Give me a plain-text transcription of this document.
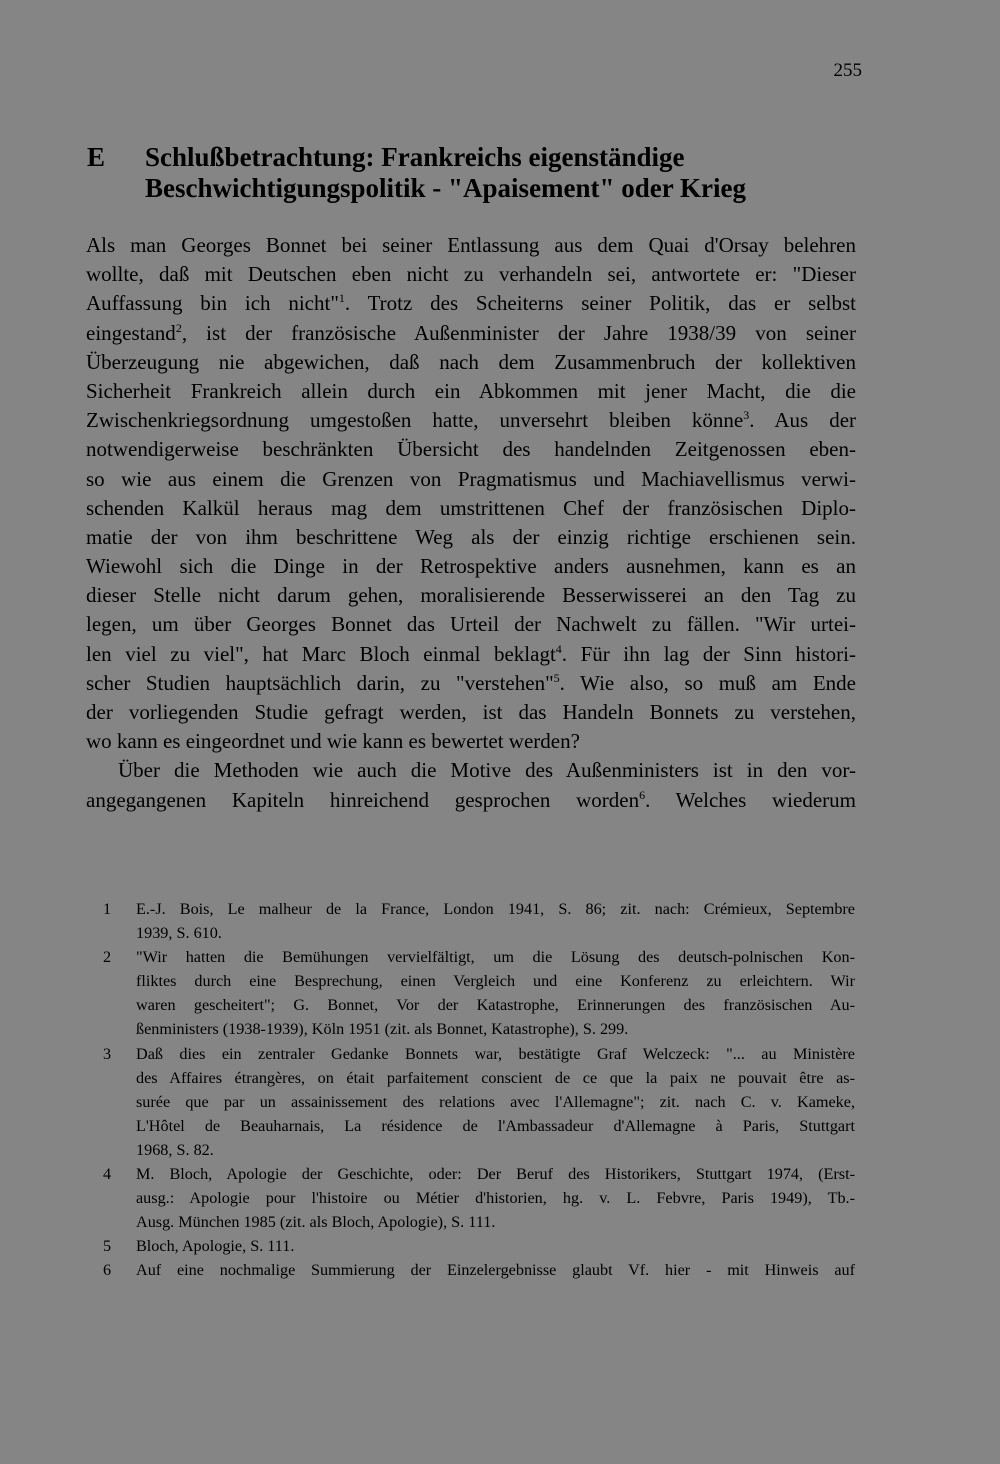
255
E	Schlußbetrachtung: Frankreichs eigenständige
Beschwichtigungspolitik - "Apaisement" oder Krieg
Als man Georges Bonnet bei seiner Entlassung aus dem Quai d'Orsay belehren
wollte, daß mit Deutschen eben nicht zu verhandeln sei, antwortete er: "Dieser
Auffassung bin ich nicht"$^1$. Trotz des Scheiterns seiner Politik, das er selbst
eingestand$^2$, ist der französische Außenminister der Jahre 1938/39 von seiner
Überzeugung nie abgewichen, daß nach dem Zusammenbruch der kollektiven
Sicherheit Frankreich allein durch ein Abkommen mit jener Macht, die die
Zwischenkriegsordnung umgestoßen hatte, unversehrt bleiben könne$^3$. Aus der
notwendigerweise beschränkten Übersicht des handelnden Zeitgenossen eben-
so wie aus einem die Grenzen von Pragmatismus und Machiavellismus verwi-
schenden Kalkül heraus mag dem umstrittenen Chef der französischen Diplo-
matie der von ihm beschrittene Weg als der einzig richtige erschienen sein.
Wiewohl sich die Dinge in der Retrospektive anders ausnehmen, kann es an
dieser Stelle nicht darum gehen, moralisierende Besserwisserei an den Tag zu
legen, um über Georges Bonnet das Urteil der Nachwelt zu fällen. "Wir urtei-
len viel zu viel", hat Marc Bloch einmal beklagt$^4$. Für ihn lag der Sinn histori-
scher Studien hauptsächlich darin, zu "verstehen"$^5$. Wie also, so muß am Ende
der vorliegenden Studie gefragt werden, ist das Handeln Bonnets zu verstehen,
wo kann es eingeordnet und wie kann es bewertet werden?
Über die Methoden wie auch die Motive des Außenministers ist in den vor-
angegangenen Kapiteln hinreichend gesprochen worden$^6$. Welches wiederum
1	E.-J. Bois, Le malheur de la France, London 1941, S. 86; zit. nach: Crémieux, Septembre
1939, S. 610.
2	"Wir hatten die Bemühungen vervielfältigt, um die Lösung des deutsch-polnischen Kon-
fliktes durch eine Besprechung, einen Vergleich und eine Konferenz zu erleichtern. Wir
waren gescheitert"; G. Bonnet, Vor der Katastrophe, Erinnerungen des französischen Au-
ßenministers (1938-1939), Köln 1951 (zit. als Bonnet, Katastrophe), S. 299.
3	Daß dies ein zentraler Gedanke Bonnets war, bestätigte Graf Welczeck: "... au Ministère
des Affaires étrangères, on était parfaitement conscient de ce que la paix ne pouvait être as-
surée que par un assainissement des relations avec l'Allemagne"; zit. nach C. v. Kameke,
L'Hôtel de Beauharnais, La résidence de l'Ambassadeur d'Allemagne à Paris, Stuttgart
1968, S. 82.
4	M. Bloch, Apologie der Geschichte, oder: Der Beruf des Historikers, Stuttgart 1974, (Erst-
ausg.: Apologie pour l'histoire ou Métier d'historien, hg. v. L. Febvre, Paris 1949), Tb.-
Ausg. München 1985 (zit. als Bloch, Apologie), S. 111.
5	Bloch, Apologie, S. 111.
6	Auf eine nochmalige Summierung der Einzelergebnisse glaubt Vf. hier - mit Hinweis auf
